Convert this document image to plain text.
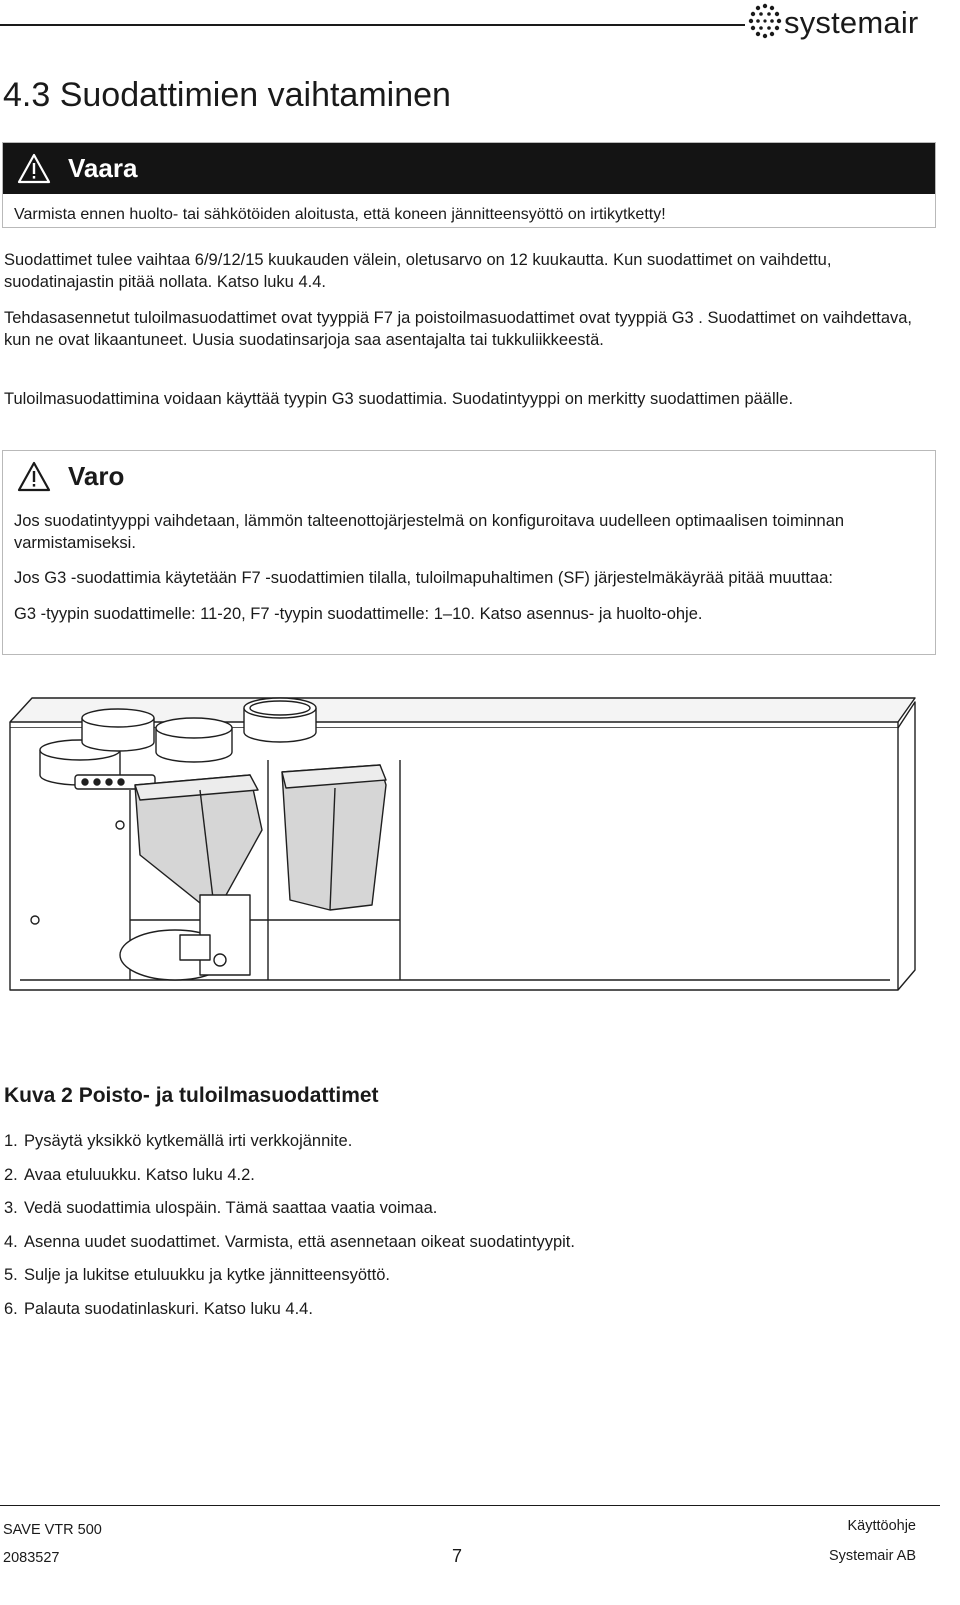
systemair
4.3 Suodattimien vaihtaminen
Vaara

Varmista ennen huolto- tai sähkötöiden aloitusta, että koneen jännitteensyöttö on irtikytketty!

Suodattimet tulee vaihtaa 6/9/12/15 kuukauden välein, oletusarvo on 12 kuukautta. Kun suodattimet on vaihdettu, suodatinajastin pitää nollata. Katso luku 4.4.

Tehdasasennetut tuloilmasuodattimet ovat tyyppiä F7 ja poistoilmasuodattimet ovat tyyppiä G3 . Suodattimet on vaihdettava, kun ne ovat likaantuneet. Uusia suodatinsarjoja saa asentajalta tai tukkuliikkeestä.

Tuloilmasuodattimina voidaan käyttää tyypin G3 suodattimia. Suodatintyyppi on merkitty suodattimen päälle.

Varo

Jos suodatintyyppi vaihdetaan, lämmön talteenottojärjestelmä on konfiguroitava uudelleen optimaalisen toiminnan varmistamiseksi.

Jos G3 -suodattimia käytetään F7 -suodattimien tilalla, tuloilmapuhaltimen (SF) järjestelmäkäyrää pitää muuttaa:

G3 -tyypin suodattimelle: 11-20, F7 -tyypin suodattimelle: 1–10. Katso asennus- ja huolto-ohje.

Kuva 2 Poisto- ja tuloilmasuodattimet

1. Pysäytä yksikkö kytkemällä irti verkkojännite.
2. Avaa etuluukku. Katso luku 4.2.
3. Vedä suodattimia ulospäin. Tämä saattaa vaatia voimaa.
4. Asenna uudet suodattimet. Varmista, että asennetaan oikeat suodatintyypit.
5. Sulje ja lukitse etuluukku ja kytke jännitteensyöttö.
6. Palauta suodatinlaskuri. Katso luku 4.4.
SAVE VTR 500
2083527	7
Käyttöohje
Systemair AB
